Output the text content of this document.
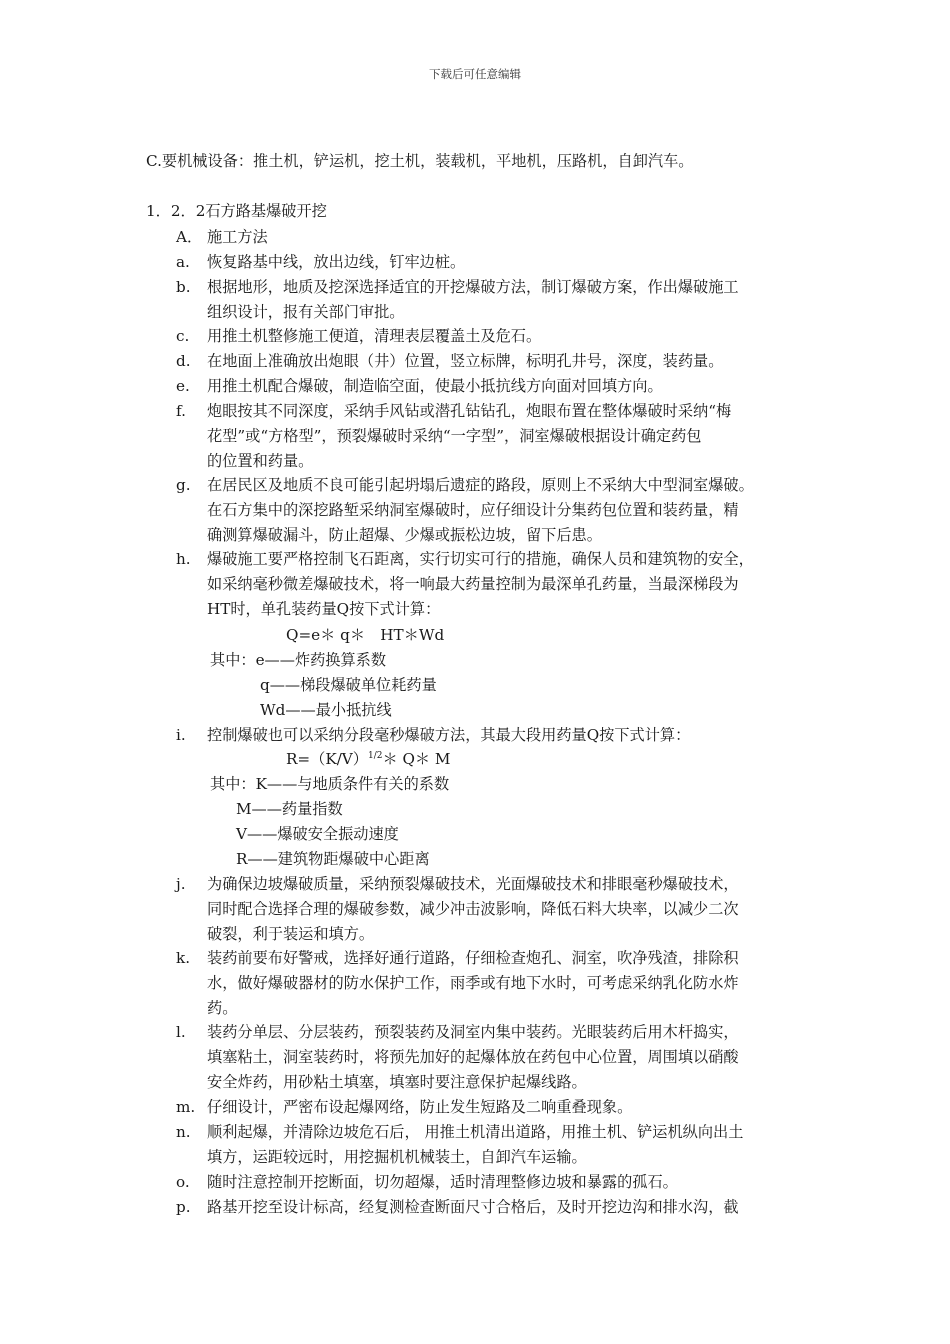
下载后可任意编辑
C.要机械设备：推土机，铲运机，挖土机，装载机，平地机，压路机，自卸汽车。
1．2．2石方路基爆破开挖
A． 施工方法
a. 恢复路基中线，放出边线，钉牢边桩。
b. 根据地形，地质及挖深选择适宜的开挖爆破方法，制订爆破方案，作出爆破施工
组织设计，报有关部门审批。
c. 用推土机整修施工便道，清理表层覆盖土及危石。
d. 在地面上准确放出炮眼（井）位置，竖立标牌，标明孔井号，深度，装药量。
e. 用推土机配合爆破，制造临空面，使最小抵抗线方向面对回填方向。
f. 炮眼按其不同深度，采纳手风钻或潜孔钻钻孔，炮眼布置在整体爆破时采纳“梅
花型”或“方格型”，预裂爆破时采纳“一字型”，洞室爆破根据设计确定药包
的位置和药量。
g. 在居民区及地质不良可能引起坍塌后遗症的路段，原则上不采纳大中型洞室爆破。
在石方集中的深挖路堑采纳洞室爆破时，应仔细设计分集药包位置和装药量，精
确测算爆破漏斗，防止超爆、少爆或振松边坡，留下后患。
h. 爆破施工要严格控制飞石距离，实行切实可行的措施，确保人员和建筑物的安全，
如采纳毫秒微差爆破技术，将一响最大药量控制为最深单孔药量，当最深梯段为
HT时，单孔装药量Q按下式计算：
Q=e＊ q＊　HT＊Wd
其中：e——炸药换算系数
q——梯段爆破单位耗药量
Wd——最小抵抗线
i. 控制爆破也可以采纳分段毫秒爆破方法，其最大段用药量Q按下式计算：
$R=(K/V)^{1/2}*$ Q＊ M
其中：K——与地质条件有关的系数
M——药量指数
V——爆破安全振动速度
R——建筑物距爆破中心距离
j. 为确保边坡爆破质量，采纳预裂爆破技术，光面爆破技术和排眼毫秒爆破技术，
同时配合选择合理的爆破参数，减少冲击波影响，降低石料大块率，以减少二次
破裂，利于装运和填方。
k. 装药前要布好警戒，选择好通行道路，仔细检查炮孔、洞室，吹净残渣，排除积
水，做好爆破器材的防水保护工作，雨季或有地下水时，可考虑采纳乳化防水炸
药。
l. 装药分单层、分层装药，预裂装药及洞室内集中装药。光眼装药后用木杆捣实，
填塞粘土，洞室装药时，将预先加好的起爆体放在药包中心位置，周围填以硝酸
安全炸药，用砂粘土填塞，填塞时要注意保护起爆线路。
m. 仔细设计，严密布设起爆网络，防止发生短路及二响重叠现象。
n. 顺利起爆，并清除边坡危石后， 用推土机清出道路，用推土机、铲运机纵向出土
填方，运距较远时，用挖掘机机械装土，自卸汽车运输。
o. 随时注意控制开挖断面，切勿超爆，适时清理整修边坡和暴露的孤石。
p. 路基开挖至设计标高，经复测检查断面尺寸合格后，及时开挖边沟和排水沟，截
